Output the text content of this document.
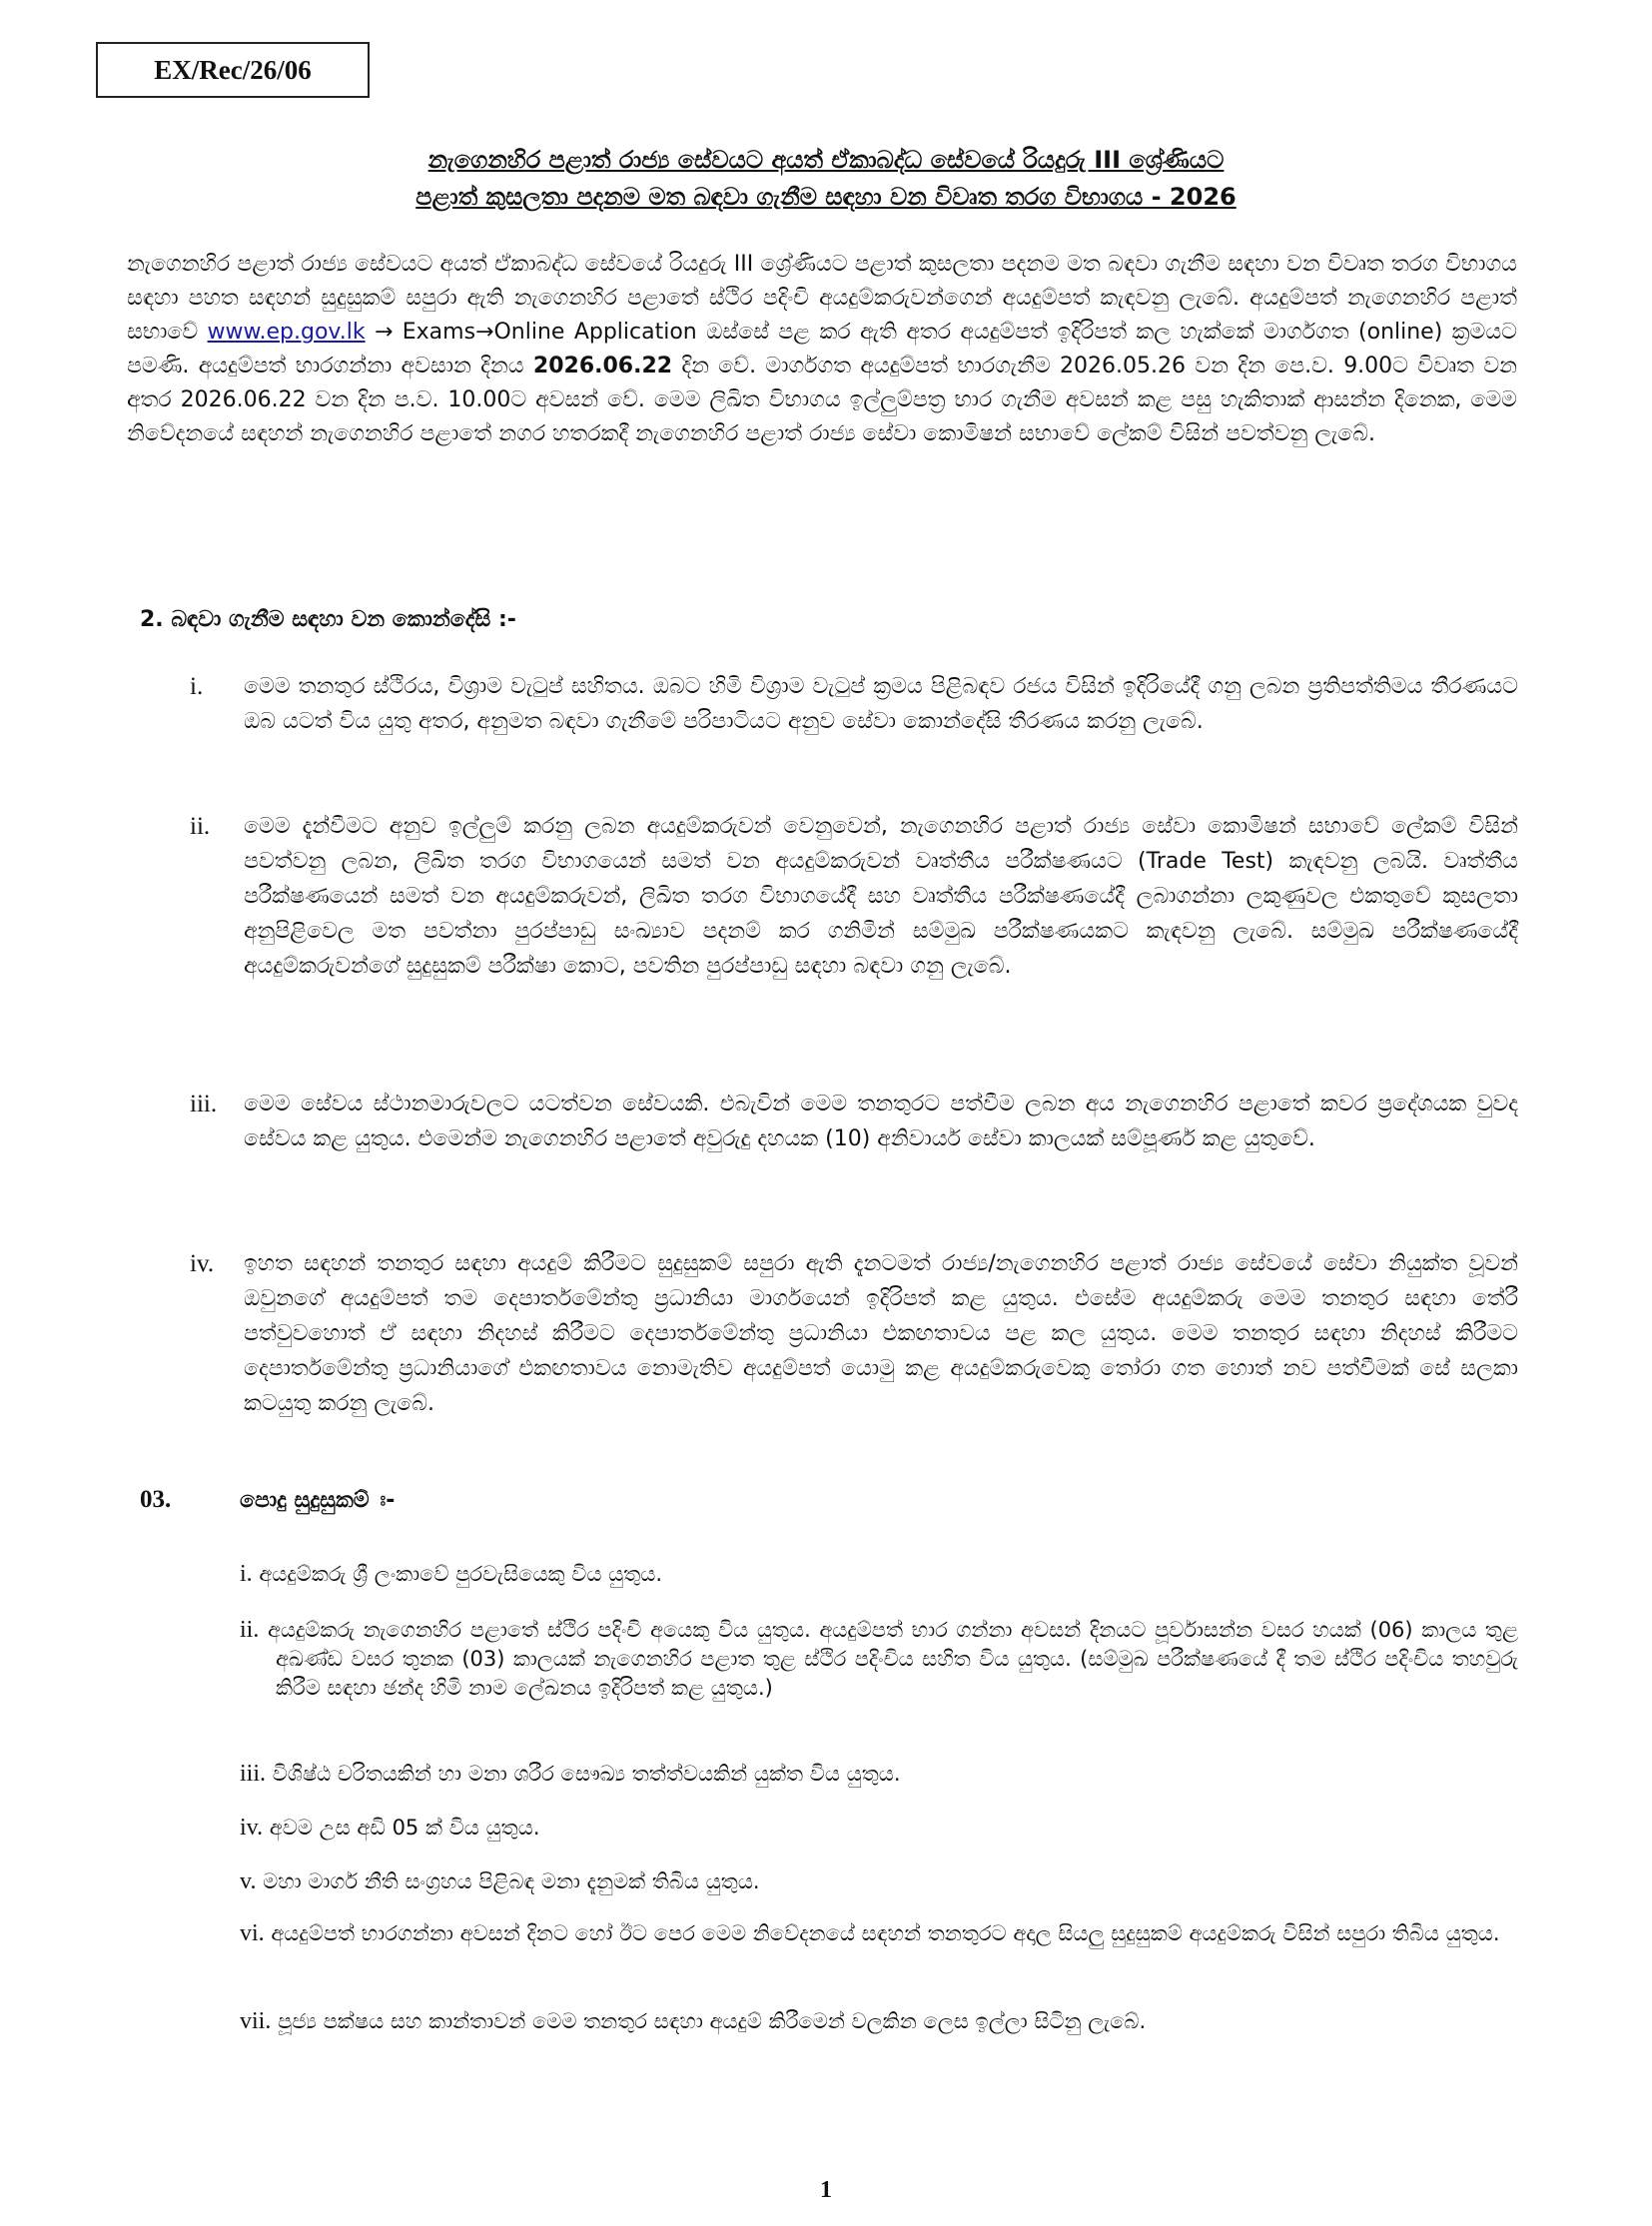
EX/Rec/26/06
නැගෙනහිර පළාත් රාජ්‍ය සේවයට අයත් ඒකාබද්ධ සේවයේ රියදුරු III ශ්‍රේණියට
පළාත් කුසලතා පදනම මත බඳවා ගැනීම සඳහා වන විවෘත තරග විභාගය - 2026
නැගෙනහිර පළාත් රාජ්‍ය සේවයට අයත් ඒකාබද්ධ සේවයේ රියදුරු III ශ්‍රේණියට පළාත් කුසලතා පදනම මත බඳවා ගැනීම සඳහා වන විවෘත තරග විභාගය සඳහා පහත සඳහන් සුදුසුකම් සපුරා ඇති නැගෙනහිර පළාතේ ස්ථිර පදිංචි අයදුම්කරුවන්ගෙන් අයදුම්පත් කැඳවනු ලැබේ. අයදුම්පත් නැගෙනහිර පළාත් සභාවේ www.ep.gov.lk → Exams→Online Application ඔස්සේ පළ කර ඇති අතර අයදුම්පත් ඉදිරිපත් කල හැක්කේ මාර්ගගත (online) ක්‍රමයට පමණි. අයදුම්පත් භාරගන්නා අවසාන දිනය 2026.06.22 දින වේ. මාර්ගගත අයදුම්පත් භාරගැනීම 2026.05.26 වන දින පෙ.ව. 9.00ට විවෘත වන අතර 2026.06.22 වන දින ප.ව. 10.00ට අවසන් වේ. මෙම ලිඛිත විභාගය ඉල්ලුම්පත්‍ර භාර ගැනීම අවසන් කළ පසු හැකිතාක් ආසන්න දිනෙක, මෙම නිවේදනයේ සඳහන් නැගෙනහිර පළාතේ නගර හතරකදී නැගෙනහිර පළාත් රාජ්‍ය සේවා කොමිෂන් සභාවේ ලේකම් විසින් පවත්වනු ලැබේ.
2. බඳවා ගැනීම සඳහා වන කොන්දේසි :-
i. මෙම තනතුර ස්ථිරය, විශ්‍රාම වැටුප් සහිතය. ඔබට හිමි විශ්‍රාම වැටුප් ක්‍රමය පිළිබඳව රජය විසින් ඉදිරියේදී ගනු ලබන ප්‍රතිපත්තිමය තීරණයට ඔබ යටත් විය යුතු අතර, අනුමත බඳවා ගැනීමේ පරිපාටියට අනුව සේවා කොන්දේසි තීරණය කරනු ලැබේ.
ii. මෙම දැන්වීමට අනුව ඉල්ලුම් කරනු ලබන අයදුම්කරුවන් වෙනුවෙන්, නැගෙනහිර පළාත් රාජ්‍ය සේවා කොමිෂන් සභාවේ ලේකම් විසින් පවත්වනු ලබන, ලිඛිත තරග විභාගයෙන් සමත් වන අයදුම්කරුවන් වෘත්තීය පරීක්ෂණයට (Trade Test) කැඳවනු ලබයි. වෘත්තීය පරීක්ෂණයෙන් සමත් වන අයදුම්කරුවන්, ලිඛිත තරග විභාගයේදී සහ වෘත්තීය පරීක්ෂණයේදී ලබාගන්නා ලකුණුවල එකතුවේ කුසලතා අනුපිළිවෙල මත පවත්නා පුරප්පාඩු සංඛ්‍යාව පදනම් කර ගනිමින් සම්මුඛ පරීක්ෂණයකට කැඳවනු ලැබේ. සම්මුඛ පරීක්ෂණයේදී අයදුම්කරුවන්ගේ සුදුසුකම් පරීක්ෂා කොට, පවතින පුරප්පාඩු සඳහා බඳවා ගනු ලැබේ.
iii. මෙම සේවය ස්ථානමාරුවලට යටත්වන සේවයකි. එබැවින් මෙම තනතුරට පත්වීම ලබන අය නැගෙනහිර පළාතේ කවර ප්‍රදේශයක වුවද සේවය කළ යුතුය. එමෙන්ම නැගෙනහිර පළාතේ අවුරුදු දහයක (10) අනිවාර්ය සේවා කාලයක් සම්පූර්ණ කළ යුතුවේ.
iv. ඉහත සඳහන් තනතුර සඳහා අයදුම් කිරීමට සුදුසුකම් සපුරා ඇති දැනටමත් රාජ්‍ය/නැගෙනහිර පළාත් රාජ්‍ය සේවයේ සේවා නියුක්ත වූවන් ඔවුනගේ අයදුම්පත් තම දෙපාර්තමේන්තු ප්‍රධානියා මාර්ගයෙන් ඉදිරිපත් කළ යුතුය. එසේම අයදුම්කරු මෙම තනතුර සඳහා තේරී පත්වුවහොත් ඒ සඳහා නිදහස් කිරීමට දෙපාර්තමේන්තු ප්‍රධානියා එකඟතාවය පළ කල යුතුය. මෙම තනතුර සඳහා නිදහස් කිරීමට දෙපාර්තමේන්තු ප්‍රධානියාගේ එකඟතාවය නොමැතිව අයදුම්පත් යොමු කළ අයදුම්කරුවෙකු තෝරා ගත හොත් නව පත්වීමක් සේ සලකා කටයුතු කරනු ලැබේ.
03.	පොදු සුදුසුකම් ඃ-
i. අයදුම්කරු ශ්‍රී ලංකාවේ පුරවැසියෙකු විය යුතුය.
ii. අයදුම්කරු නැගෙනහිර පළාතේ ස්ථිර පදිංචි අයෙකු විය යුතුය. අයදුම්පත් භාර ගන්නා අවසන් දිනයට පූර්වාසන්න වසර හයක් (06) කාලය තුළ අඛණ්ඩ වසර තුනක (03) කාලයක් නැගෙනහිර පළාත තුළ ස්ථිර පදිංචිය සහිත විය යුතුය. (සම්මුඛ පරීක්ෂණයේ දී තම ස්ථිර පදිංචිය තහවුරු කිරීම සඳහා ඡන්ද හිමි නාම ලේඛනය ඉදිරිපත් කළ යුතුය.)
iii. විශිෂ්ඨ චරිතයකින් හා මනා ශරීර සෞඛ්‍ය තත්ත්වයකින් යුක්ත විය යුතුය.
iv. අවම උස අඩි 05 ක් විය යුතුය.
v. මහා මාර්ග නීති සංග්‍රහය පිළිබඳ මනා දැනුමක් තිබිය යුතුය.
vi. අයදුම්පත් භාරගන්නා අවසන් දිනට හෝ ඊට පෙර මෙම නිවේදනයේ සඳහන් තනතුරට අදාල සියලු සුදුසුකම් අයදුම්කරු විසින් සපුරා තිබිය යුතුය.
vii. පූජ්‍ය පක්ෂය සහ කාන්තාවන් මෙම තනතුර සඳහා අයදුම් කිරීමෙන් වලකින ලෙස ඉල්ලා සිටිනු ලැබේ.
1
